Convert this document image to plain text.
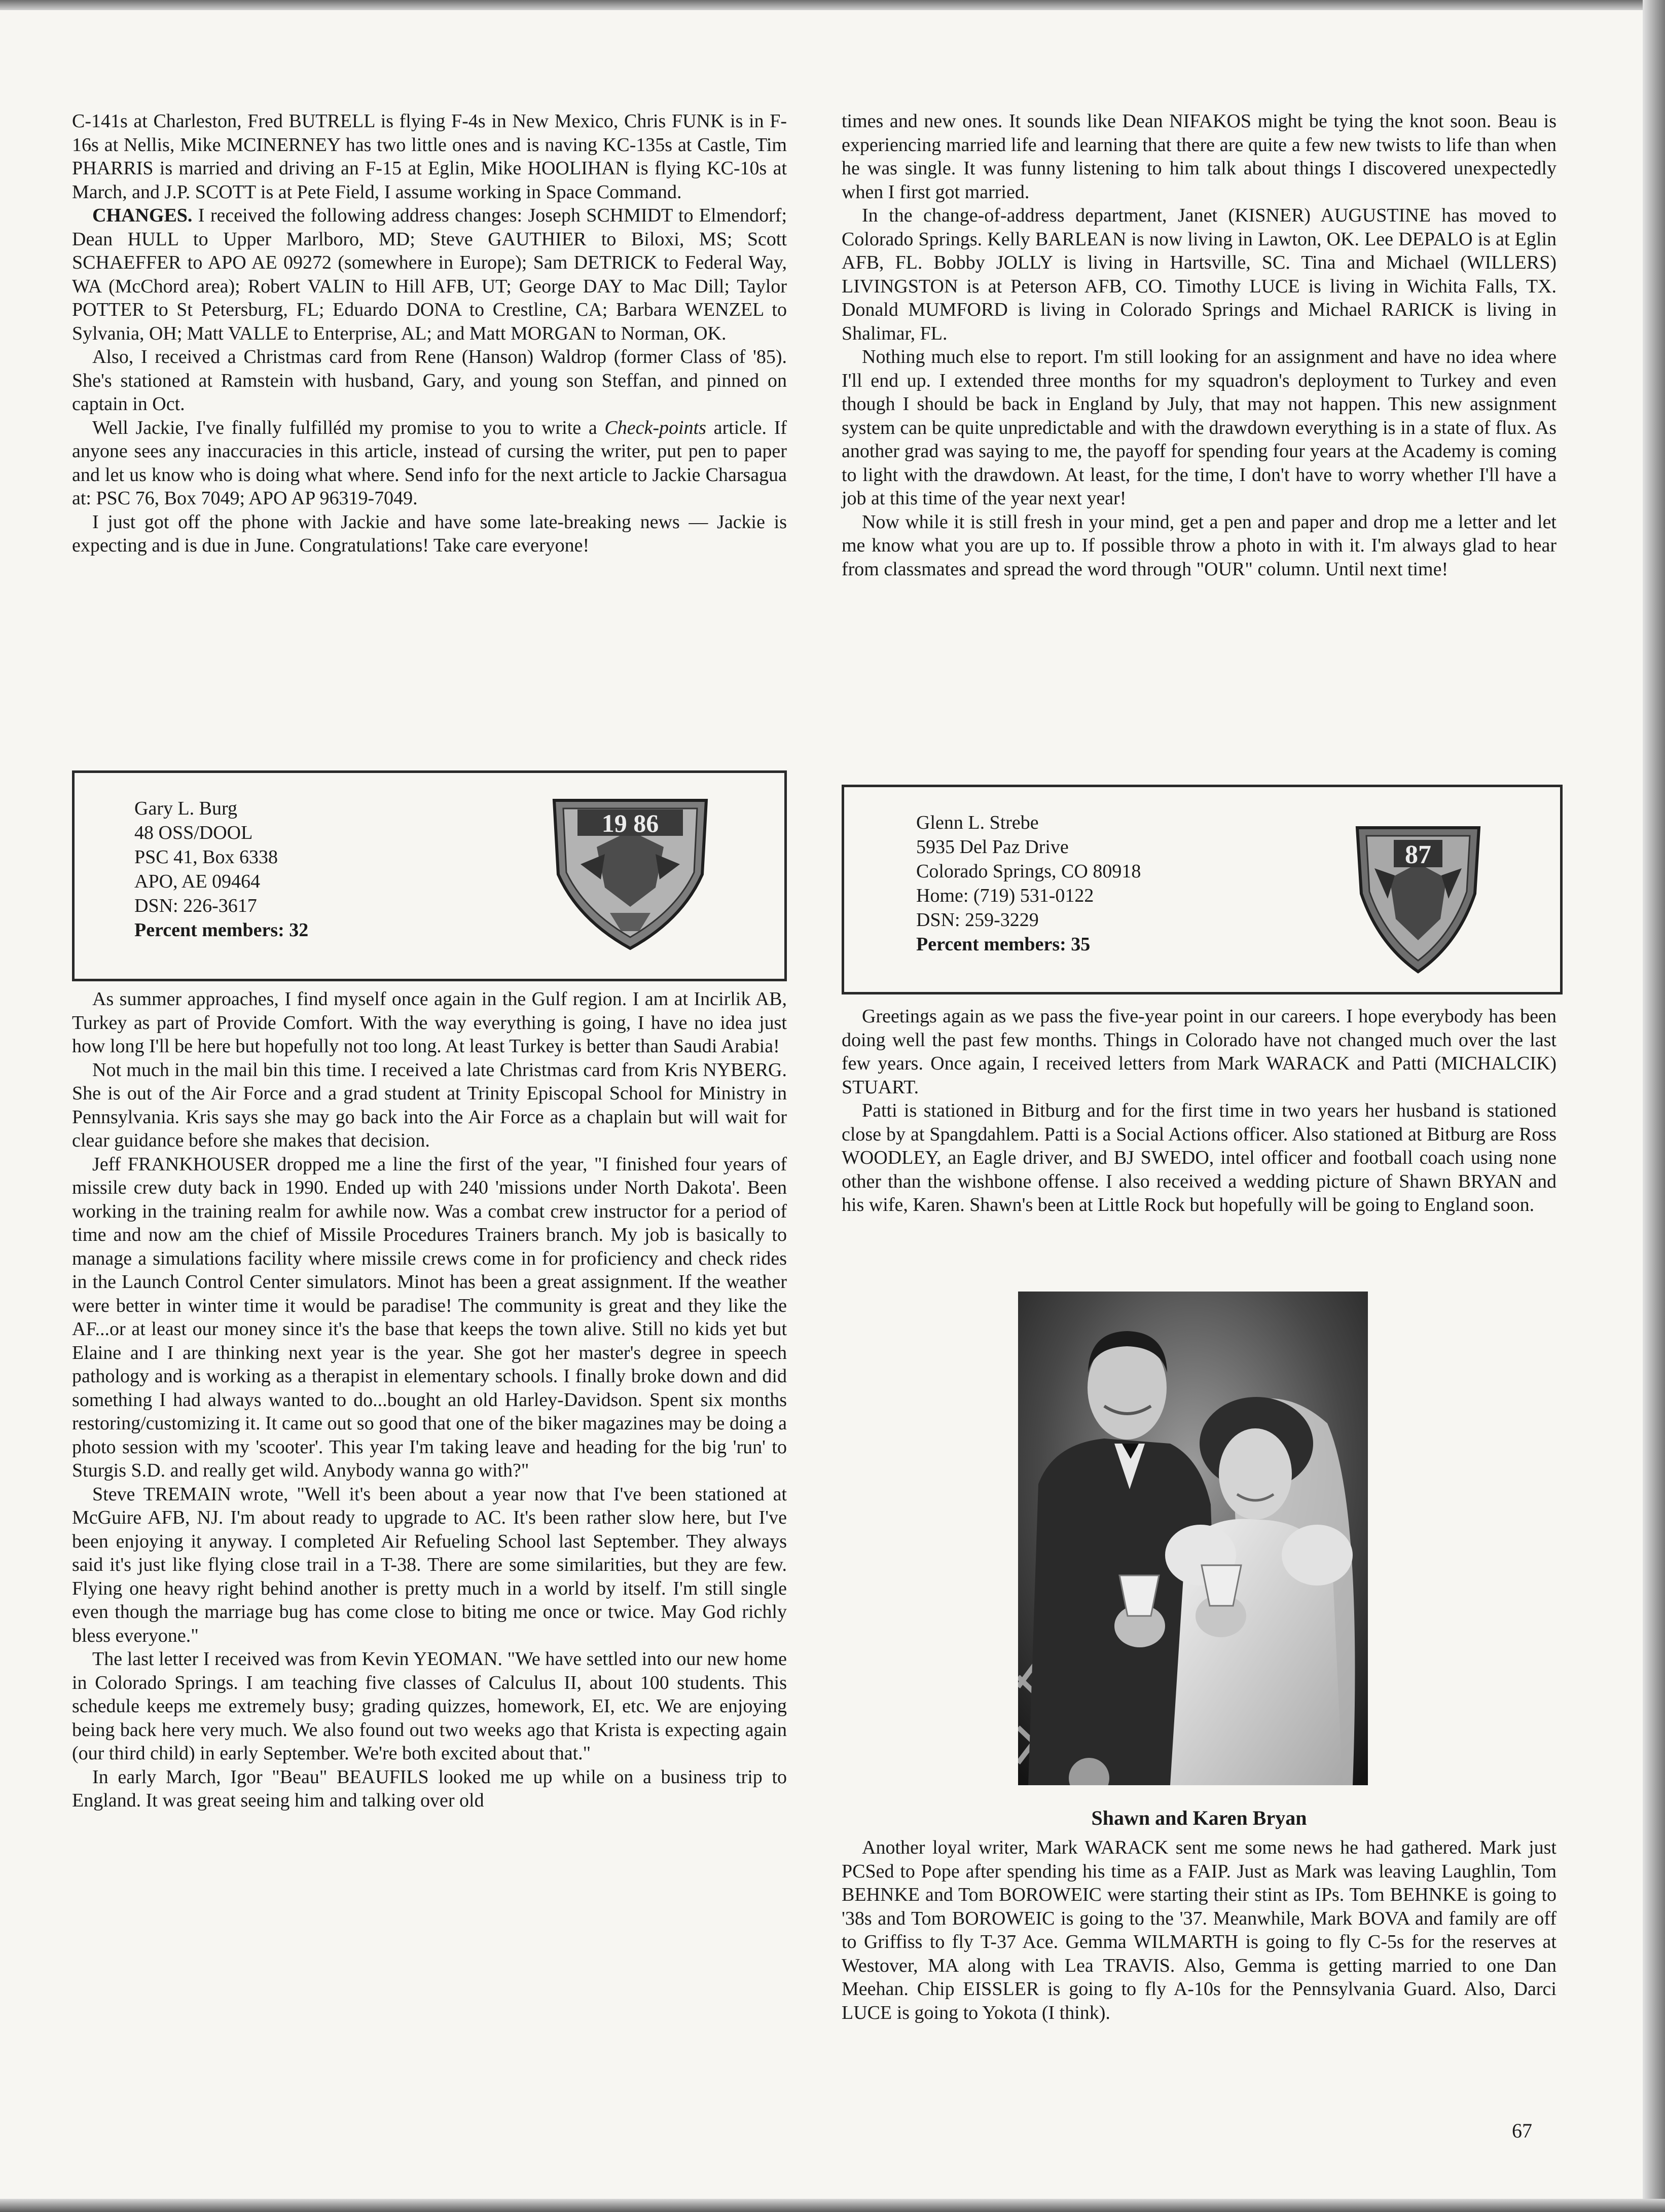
C-141s at Charleston, Fred BUTRELL is flying F-4s in New Mexico, Chris FUNK is in F-16s at Nellis, Mike MCINERNEY has two little ones and is naving KC-135s at Castle, Tim PHARRIS is married and driving an F-15 at Eglin, Mike HOOLIHAN is flying KC-10s at March, and J.P. SCOTT is at Pete Field, I assume working in Space Command.

CHANGES. I received the following address changes: Joseph SCHMIDT to Elmendorf; Dean HULL to Upper Marlboro, MD; Steve GAUTHIER to Biloxi, MS; Scott SCHAEFFER to APO AE 09272 (somewhere in Europe); Sam DETRICK to Federal Way, WA (McChord area); Robert VALIN to Hill AFB, UT; George DAY to Mac Dill; Taylor POTTER to St Petersburg, FL; Eduardo DONA to Crestline, CA; Barbara WENZEL to Sylvania, OH; Matt VALLE to Enterprise, AL; and Matt MORGAN to Norman, OK.

Also, I received a Christmas card from Rene (Hanson) Waldrop (former Class of '85). She's stationed at Ramstein with husband, Gary, and young son Steffan, and pinned on captain in Oct.

Well Jackie, I've finally fulfilléd my promise to you to write a Check-points article. If anyone sees any inaccuracies in this article, instead of cursing the writer, put pen to paper and let us know who is doing what where. Send info for the next article to Jackie Charsagua at: PSC 76, Box 7049; APO AP 96319-7049.

I just got off the phone with Jackie and have some late-breaking news — Jackie is expecting and is due in June. Congratulations! Take care everyone!

Gary L. Burg
48 OSS/DOOL
PSC 41, Box 6338
APO, AE 09464
DSN: 226-3617
Percent members: 32
19 86

As summer approaches, I find myself once again in the Gulf region. I am at Incirlik AB, Turkey as part of Provide Comfort. With the way everything is going, I have no idea just how long I'll be here but hopefully not too long. At least Turkey is better than Saudi Arabia!

Not much in the mail bin this time. I received a late Christmas card from Kris NYBERG. She is out of the Air Force and a grad student at Trinity Episcopal School for Ministry in Pennsylvania. Kris says she may go back into the Air Force as a chaplain but will wait for clear guidance before she makes that decision.

Jeff FRANKHOUSER dropped me a line the first of the year, "I finished four years of missile crew duty back in 1990. Ended up with 240 'missions under North Dakota'. Been working in the training realm for awhile now. Was a combat crew instructor for a period of time and now am the chief of Missile Procedures Trainers branch. My job is basically to manage a simulations facility where missile crews come in for proficiency and check rides in the Launch Control Center simulators. Minot has been a great assignment. If the weather were better in winter time it would be paradise! The community is great and they like the AF...or at least our money since it's the base that keeps the town alive. Still no kids yet but Elaine and I are thinking next year is the year. She got her master's degree in speech pathology and is working as a therapist in elementary schools. I finally broke down and did something I had always wanted to do...bought an old Harley-Davidson. Spent six months restoring/customizing it. It came out so good that one of the biker magazines may be doing a photo session with my 'scooter'. This year I'm taking leave and heading for the big 'run' to Sturgis S.D. and really get wild. Anybody wanna go with?"

Steve TREMAIN wrote, "Well it's been about a year now that I've been stationed at McGuire AFB, NJ. I'm about ready to upgrade to AC. It's been rather slow here, but I've been enjoying it anyway. I completed Air Refueling School last September. They always said it's just like flying close trail in a T-38. There are some similarities, but they are few. Flying one heavy right behind another is pretty much in a world by itself. I'm still single even though the marriage bug has come close to biting me once or twice. May God richly bless everyone."

The last letter I received was from Kevin YEOMAN. "We have settled into our new home in Colorado Springs. I am teaching five classes of Calculus II, about 100 students. This schedule keeps me extremely busy; grading quizzes, homework, EI, etc. We are enjoying being back here very much. We also found out two weeks ago that Krista is expecting again (our third child) in early September. We're both excited about that."

In early March, Igor "Beau" BEAUFILS looked me up while on a business trip to England. It was great seeing him and talking over old

times and new ones. It sounds like Dean NIFAKOS might be tying the knot soon. Beau is experiencing married life and learning that there are quite a few new twists to life than when he was single. It was funny listening to him talk about things I discovered unexpectedly when I first got married.

In the change-of-address department, Janet (KISNER) AUGUSTINE has moved to Colorado Springs. Kelly BARLEAN is now living in Lawton, OK. Lee DEPALO is at Eglin AFB, FL. Bobby JOLLY is living in Hartsville, SC. Tina and Michael (WILLERS) LIVINGSTON is at Peterson AFB, CO. Timothy LUCE is living in Wichita Falls, TX. Donald MUMFORD is living in Colorado Springs and Michael RARICK is living in Shalimar, FL.

Nothing much else to report. I'm still looking for an assignment and have no idea where I'll end up. I extended three months for my squadron's deployment to Turkey and even though I should be back in England by July, that may not happen. This new assignment system can be quite unpredictable and with the drawdown everything is in a state of flux. As another grad was saying to me, the payoff for spending four years at the Academy is coming to light with the drawdown. At least, for the time, I don't have to worry whether I'll have a job at this time of the year next year!

Now while it is still fresh in your mind, get a pen and paper and drop me a letter and let me know what you are up to. If possible throw a photo in with it. I'm always glad to hear from classmates and spread the word through "OUR" column. Until next time!

Glenn L. Strebe
5935 Del Paz Drive
Colorado Springs, CO 80918
Home: (719) 531-0122
DSN: 259-3229
Percent members: 35
87

Greetings again as we pass the five-year point in our careers. I hope everybody has been doing well the past few months. Things in Colorado have not changed much over the last few years. Once again, I received letters from Mark WARACK and Patti (MICHALCIK) STUART.

Patti is stationed in Bitburg and for the first time in two years her husband is stationed close by at Spangdahlem. Patti is a Social Actions officer. Also stationed at Bitburg are Ross WOODLEY, an Eagle driver, and BJ SWEDO, intel officer and football coach using none other than the wishbone offense. I also received a wedding picture of Shawn BRYAN and his wife, Karen. Shawn's been at Little Rock but hopefully will be going to England soon.

Shawn and Karen Bryan

Another loyal writer, Mark WARACK sent me some news he had gathered. Mark just PCSed to Pope after spending his time as a FAIP. Just as Mark was leaving Laughlin, Tom BEHNKE and Tom BOROWEIC were starting their stint as IPs. Tom BEHNKE is going to '38s and Tom BOROWEIC is going to the '37. Meanwhile, Mark BOVA and family are off to Griffiss to fly T-37 Ace. Gemma WILMARTH is going to fly C-5s for the reserves at Westover, MA along with Lea TRAVIS. Also, Gemma is getting married to one Dan Meehan. Chip EISSLER is going to fly A-10s for the Pennsylvania Guard. Also, Darci LUCE is going to Yokota (I think).

67
